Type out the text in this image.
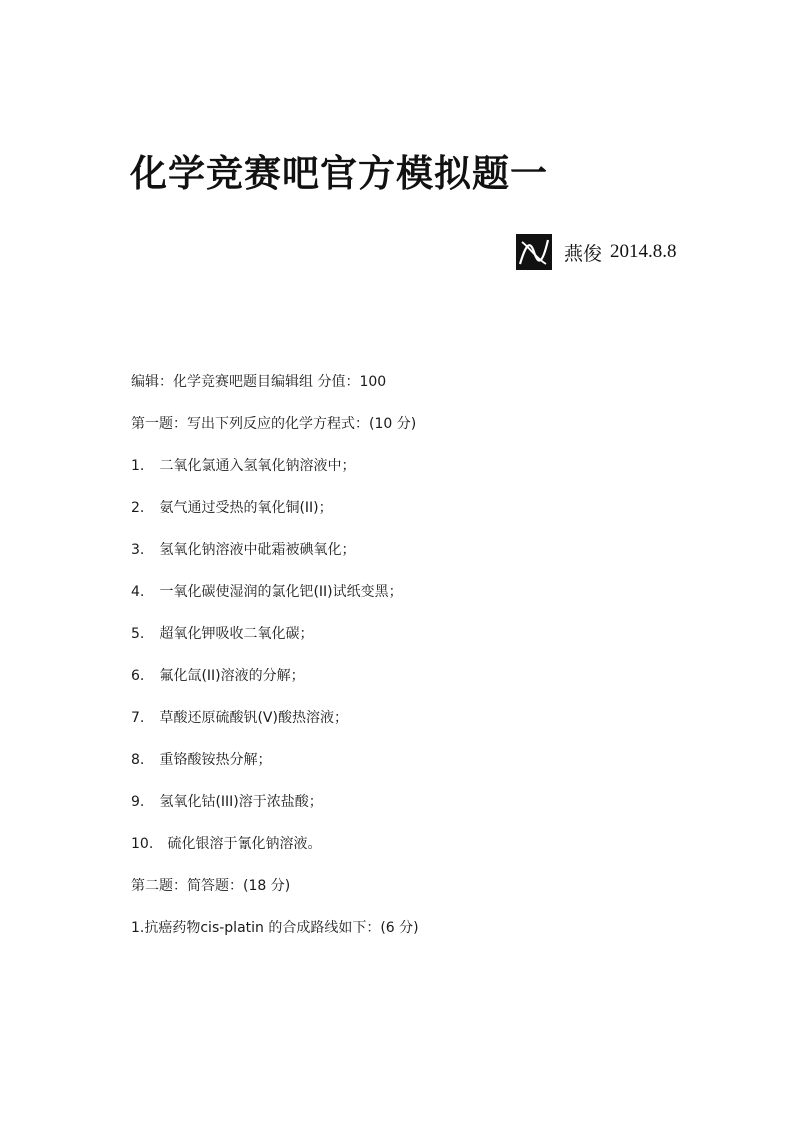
化学竞赛吧官方模拟题一
燕俊 2014.8.8
编辑：化学竞赛吧题目编辑组 分值：100
第一题：写出下列反应的化学方程式：(10 分)
1. 二氧化氯通入氢氧化钠溶液中；
2. 氨气通过受热的氧化铜(II)；
3. 氢氧化钠溶液中砒霜被碘氧化；
4. 一氧化碳使湿润的氯化钯(II)试纸变黑；
5. 超氧化钾吸收二氧化碳；
6. 氟化氙(II)溶液的分解；
7. 草酸还原硫酸钒(V)酸热溶液；
8. 重铬酸铵热分解；
9. 氢氧化钴(III)溶于浓盐酸；
10. 硫化银溶于氰化钠溶液。
第二题：简答题：(18 分)
1.抗癌药物cis-platin 的合成路线如下：(6 分)
